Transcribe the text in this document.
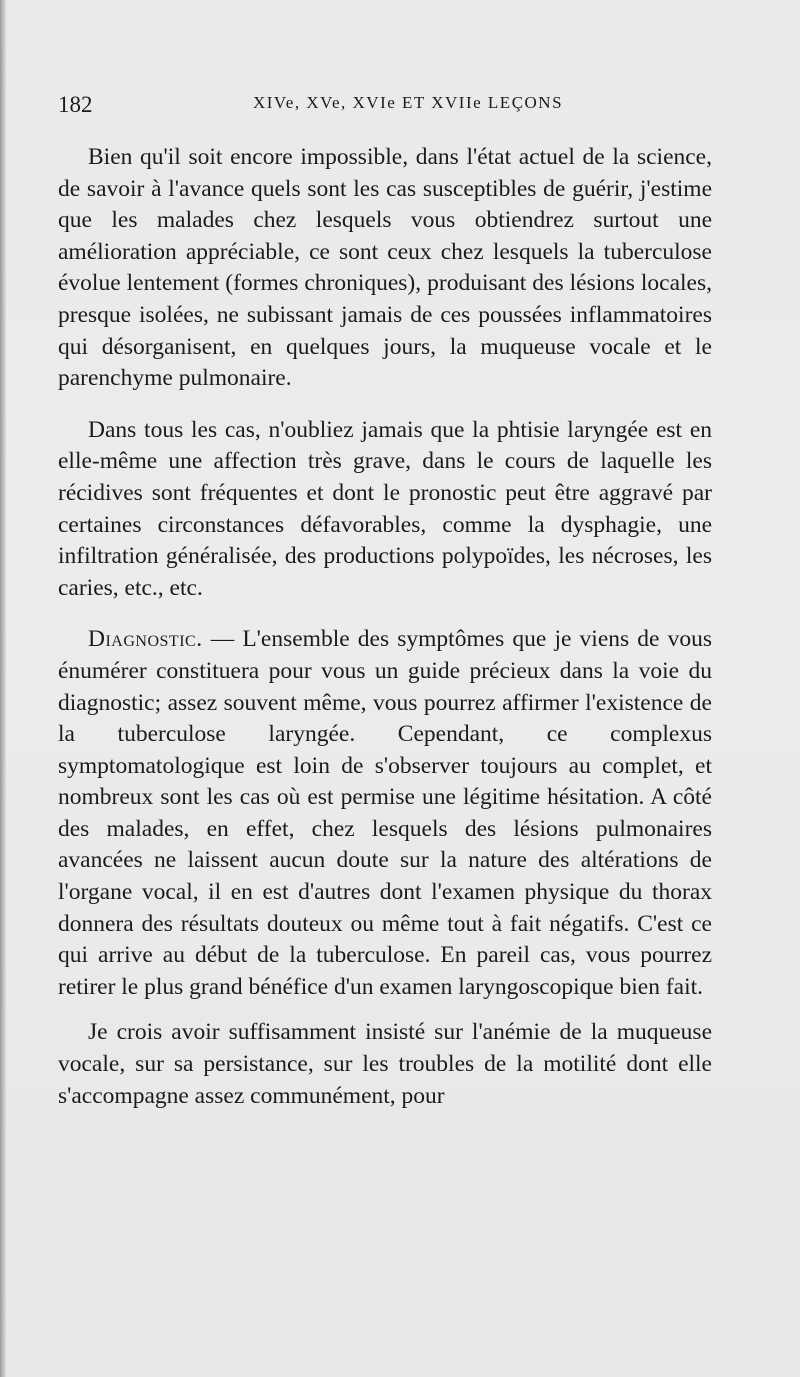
182	XIVe, XVe, XVIe ET XVIIe LEÇONS

Bien qu'il soit encore impossible, dans l'état actuel de la science, de savoir à l'avance quels sont les cas susceptibles de guérir, j'estime que les malades chez lesquels vous obtiendrez surtout une amélioration appréciable, ce sont ceux chez lesquels la tuberculose évolue lentement (formes chroniques), produisant des lésions locales, presque isolées, ne subissant jamais de ces poussées inflammatoires qui désorganisent, en quelques jours, la muqueuse vocale et le parenchyme pulmonaire.

Dans tous les cas, n'oubliez jamais que la phtisie laryngée est en elle-même une affection très grave, dans le cours de laquelle les récidives sont fréquentes et dont le pronostic peut être aggravé par certaines circonstances défavorables, comme la dysphagie, une infiltration généralisée, des productions polypoïdes, les nécroses, les caries, etc., etc.

Diagnostic. — L'ensemble des symptômes que je viens de vous énumérer constituera pour vous un guide précieux dans la voie du diagnostic; assez souvent même, vous pourrez affirmer l'existence de la tuberculose laryngée. Cependant, ce complexus symptomatologique est loin de s'observer toujours au complet, et nombreux sont les cas où est permise une légitime hésitation. A côté des malades, en effet, chez lesquels des lésions pulmonaires avancées ne laissent aucun doute sur la nature des altérations de l'organe vocal, il en est d'autres dont l'examen physique du thorax donnera des résultats douteux ou même tout à fait négatifs. C'est ce qui arrive au début de la tuberculose. En pareil cas, vous pourrez retirer le plus grand bénéfice d'un examen laryngoscopique bien fait.

Je crois avoir suffisamment insisté sur l'anémie de la muqueuse vocale, sur sa persistance, sur les troubles de la motilité dont elle s'accompagne assez communément, pour
